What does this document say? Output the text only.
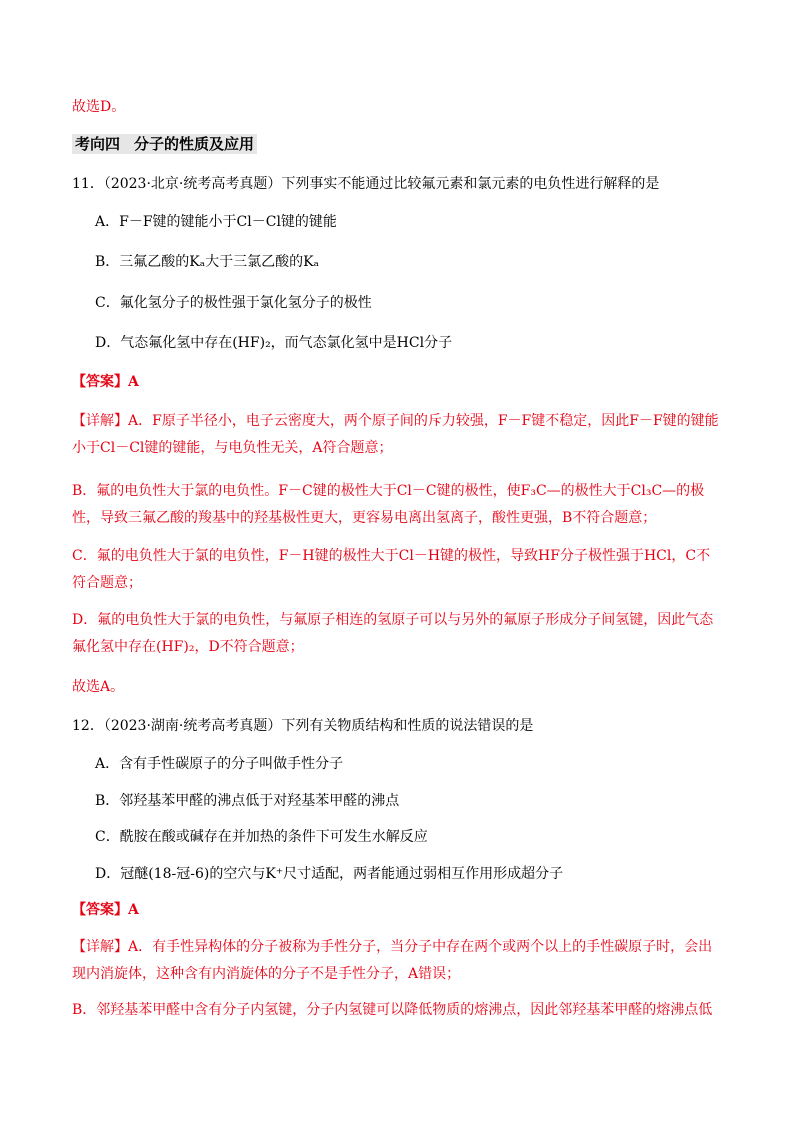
故选D。
考向四 分子的性质及应用
11．（2023·北京·统考高考真题）下列事实不能通过比较氟元素和氯元素的电负性进行解释的是
A．F－F键的键能小于Cl－Cl键的键能
B．三氟乙酸的Kₐ大于三氯乙酸的Kₐ
C．氟化氢分子的极性强于氯化氢分子的极性
D．气态氟化氢中存在(HF)₂，而气态氯化氢中是HCl分子
【答案】A
【详解】A．F原子半径小，电子云密度大，两个原子间的斥力较强，F－F键不稳定，因此F－F键的键能
小于Cl－Cl键的键能，与电负性无关，A符合题意；
B．氟的电负性大于氯的电负性。F－C键的极性大于Cl－C键的极性，使F₃C—的极性大于Cl₃C—的极
性，导致三氟乙酸的羧基中的羟基极性更大，更容易电离出氢离子，酸性更强，B不符合题意；
C．氟的电负性大于氯的电负性，F－H键的极性大于Cl－H键的极性，导致HF分子极性强于HCl，C不
符合题意；
D．氟的电负性大于氯的电负性，与氟原子相连的氢原子可以与另外的氟原子形成分子间氢键，因此气态
氟化氢中存在(HF)₂，D不符合题意；
故选A。
12．（2023·湖南·统考高考真题）下列有关物质结构和性质的说法错误的是
A．含有手性碳原子的分子叫做手性分子
B．邻羟基苯甲醛的沸点低于对羟基苯甲醛的沸点
C．酰胺在酸或碱存在并加热的条件下可发生水解反应
D．冠醚(18-冠-6)的空穴与K⁺尺寸适配，两者能通过弱相互作用形成超分子
【答案】A
【详解】A．有手性异构体的分子被称为手性分子，当分子中存在两个或两个以上的手性碳原子时，会出
现内消旋体，这种含有内消旋体的分子不是手性分子，A错误；
B．邻羟基苯甲醛中含有分子内氢键，分子内氢键可以降低物质的熔沸点，因此邻羟基苯甲醛的熔沸点低
